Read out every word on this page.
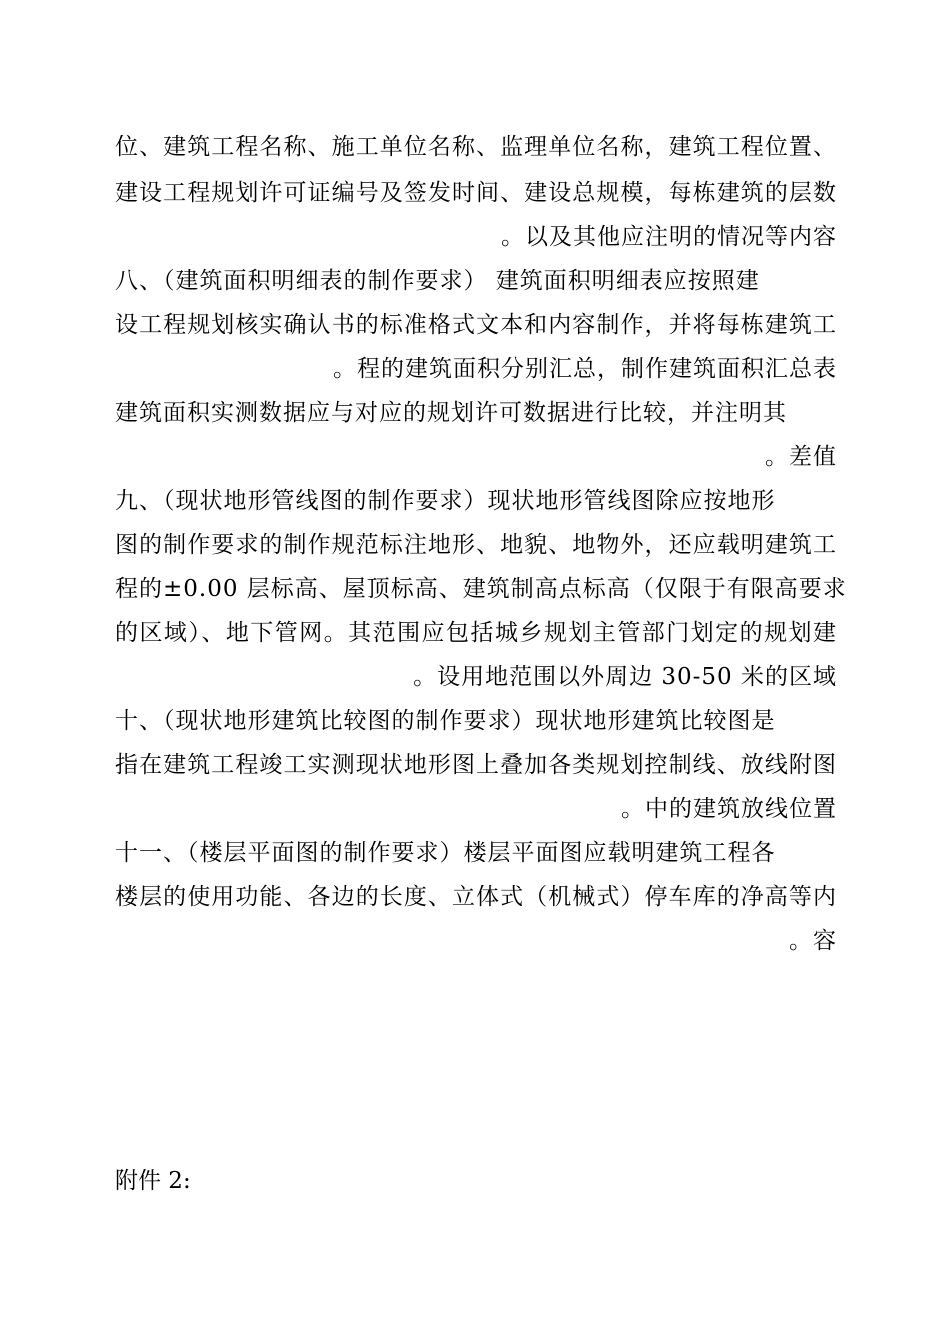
位、建筑工程名称、施工单位名称、监理单位名称，建筑工程位置、
建设工程规划许可证编号及签发时间、建设总规模，每栋建筑的层数
。以及其他应注明的情况等内容
八、（建筑面积明细表的制作要求） 建筑面积明细表应按照建
设工程规划核实确认书的标准格式文本和内容制作，并将每栋建筑工
。程的建筑面积分别汇总，制作建筑面积汇总表
建筑面积实测数据应与对应的规划许可数据进行比较，并注明其
。差值
九、（现状地形管线图的制作要求）现状地形管线图除应按地形
图的制作要求的制作规范标注地形、地貌、地物外，还应载明建筑工
程的±0.00 层标高、屋顶标高、建筑制高点标高（仅限于有限高要求
的区域）、地下管网。其范围应包括城乡规划主管部门划定的规划建
。设用地范围以外周边 30-50 米的区域
十、（现状地形建筑比较图的制作要求）现状地形建筑比较图是
指在建筑工程竣工实测现状地形图上叠加各类规划控制线、放线附图
。中的建筑放线位置
十一、（楼层平面图的制作要求）楼层平面图应载明建筑工程各
楼层的使用功能、各边的长度、立体式（机械式）停车库的净高等内
。容
附件 2:
